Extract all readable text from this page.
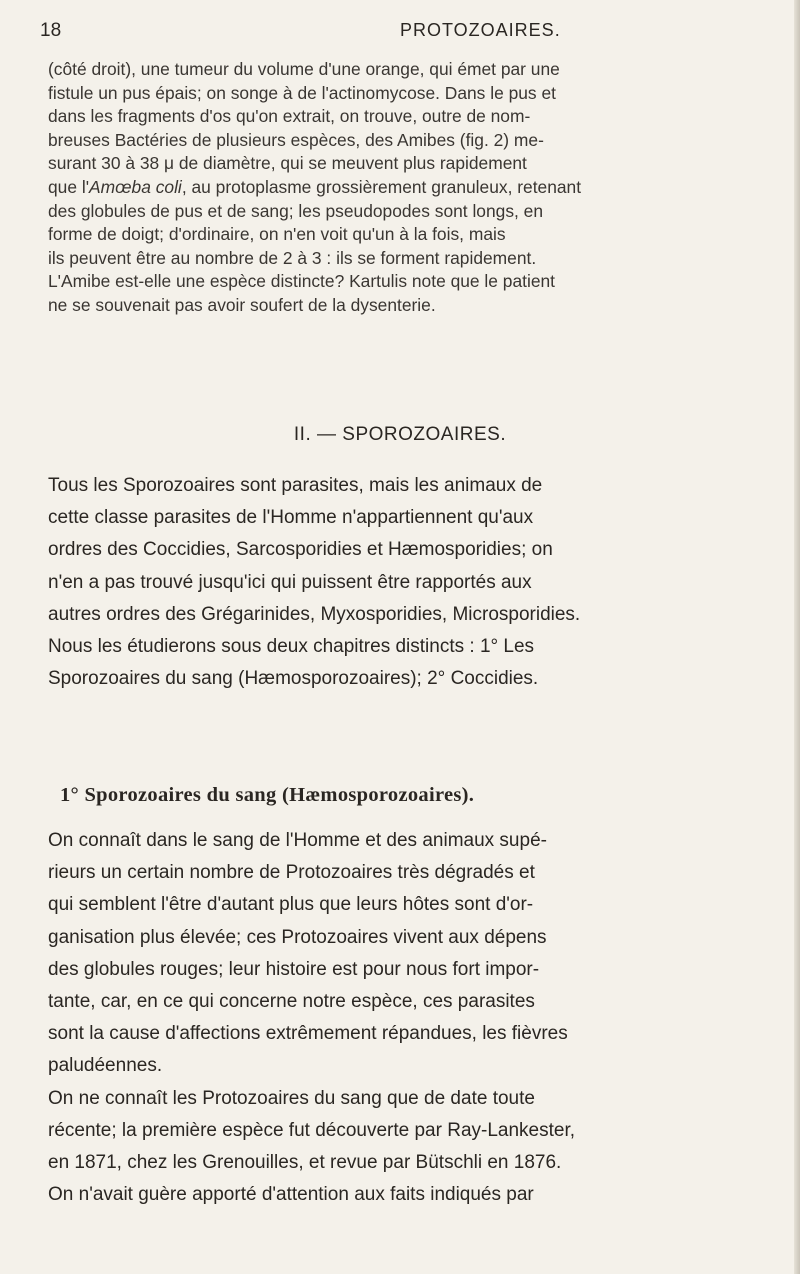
18	PROTOZOAIRES.

(côté droit), une tumeur du volume d'une orange, qui émet par une

fistule un pus épais; on songe à de l'actinomycose. Dans le pus et

dans les fragments d'os qu'on extrait, on trouve, outre de nom-

breuses Bactéries de plusieurs espèces, des Amibes (fig. 2) me-

surant 30 à 38 μ de diamètre, qui se meuvent plus rapidement

que l'Amœba coli, au protoplasme grossièrement granuleux, retenant

des globules de pus et de sang; les pseudopodes sont longs, en

forme de doigt; d'ordinaire, on n'en voit qu'un à la fois, mais

ils peuvent être au nombre de 2 à 3 : ils se forment rapidement.

L'Amibe est-elle une espèce distincte? Kartulis note que le patient

ne se souvenait pas avoir soufert de la dysenterie.

II. — SPOROZOAIRES.

Tous les Sporozoaires sont parasites, mais les animaux de

cette classe parasites de l'Homme n'appartiennent qu'aux

ordres des Coccidies, Sarcosporidies et Hæmosporidies; on

n'en a pas trouvé jusqu'ici qui puissent être rapportés aux

autres ordres des Grégarinides, Myxosporidies, Microsporidies.

Nous les étudierons sous deux chapitres distincts : 1° Les

Sporozoaires du sang (Hæmosporozoaires); 2° Coccidies.

1° Sporozoaires du sang (Hæmosporozoaires).

On connaît dans le sang de l'Homme et des animaux supé-

rieurs un certain nombre de Protozoaires très dégradés et

qui semblent l'être d'autant plus que leurs hôtes sont d'or-

ganisation plus élevée; ces Protozoaires vivent aux dépens

des globules rouges; leur histoire est pour nous fort impor-

tante, car, en ce qui concerne notre espèce, ces parasites

sont la cause d'affections extrêmement répandues, les fièvres

paludéennes.

On ne connaît les Protozoaires du sang que de date toute

récente; la première espèce fut découverte par Ray-Lankester,

en 1871, chez les Grenouilles, et revue par Bütschli en 1876.

On n'avait guère apporté d'attention aux faits indiqués par
